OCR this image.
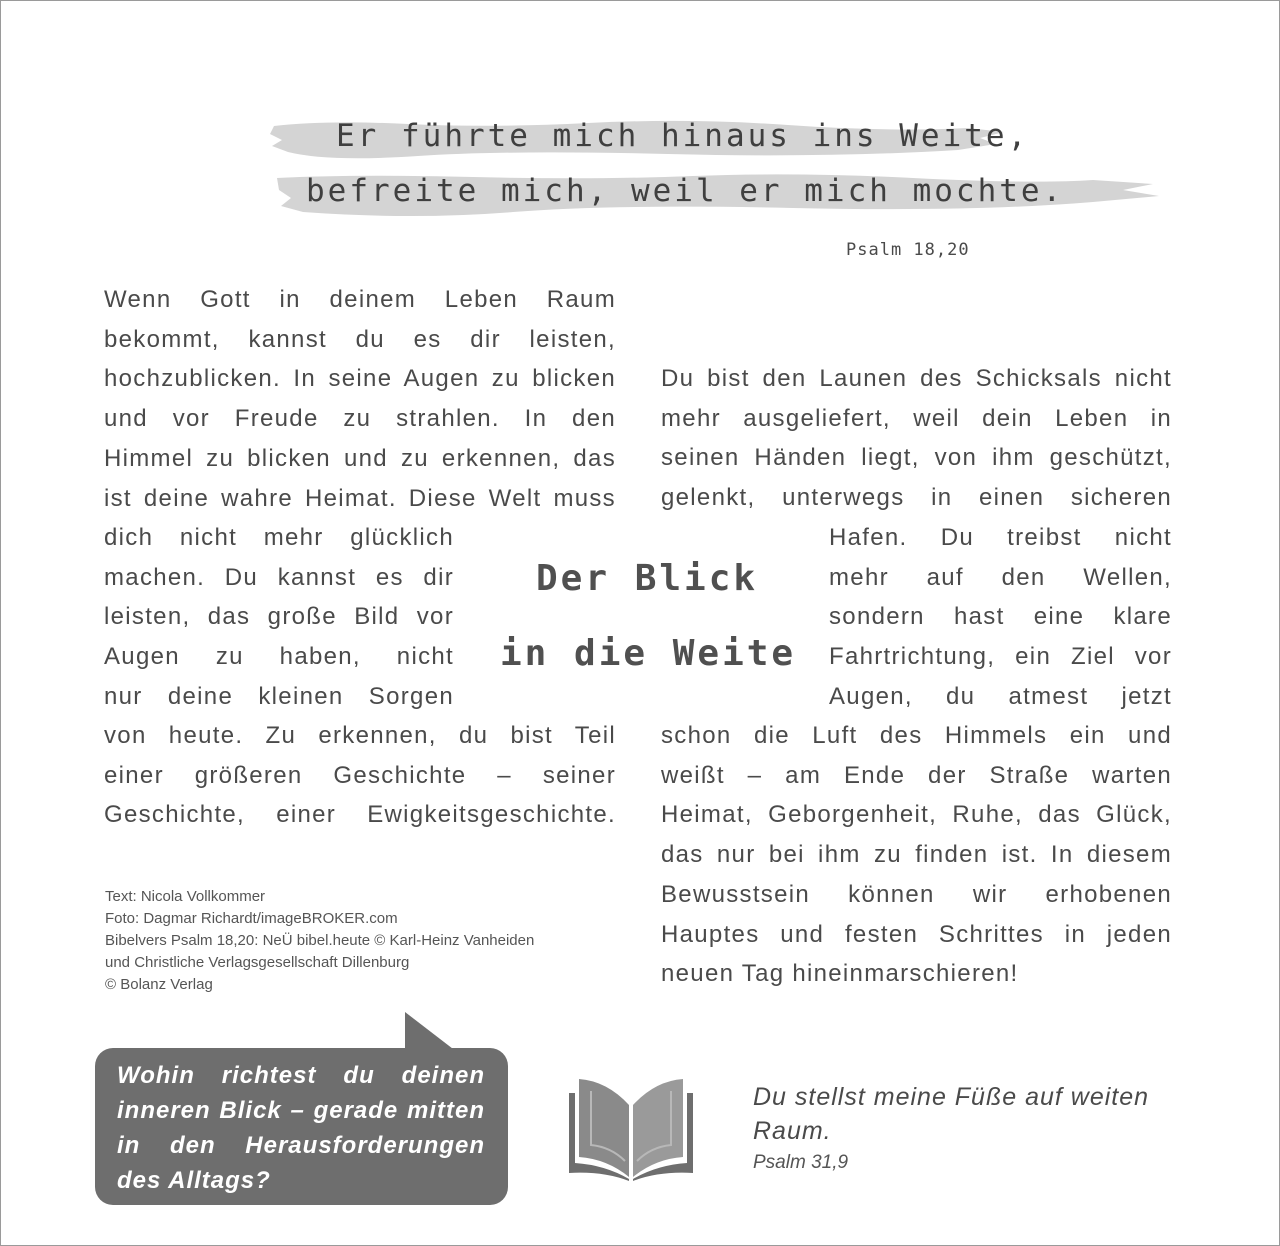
Er führte mich hinaus ins Weite,
befreite mich, weil er mich mochte.
Psalm 18,20
Wenn Gott in deinem Leben Raum
bekommt, kannst du es dir leisten,
hochzublicken. In seine Augen zu blicken
und vor Freude zu strahlen. In den
Himmel zu blicken und zu erkennen, das
ist deine wahre Heimat. Diese Welt muss
dich nicht mehr glücklich
machen. Du kannst es dir
leisten, das große Bild vor
Augen zu haben, nicht
nur deine kleinen Sorgen
von heute. Zu erkennen, du bist Teil
einer größeren Geschichte – seiner
Geschichte, einer Ewigkeitsgeschichte.
Der Blick
in die Weite
Du bist den Launen des Schicksals nicht
mehr ausgeliefert, weil dein Leben in
seinen Händen liegt, von ihm geschützt,
gelenkt, unterwegs in einen sicheren
Hafen. Du treibst nicht
mehr auf den Wellen,
sondern hast eine klare
Fahrtrichtung, ein Ziel vor
Augen, du atmest jetzt
schon die Luft des Himmels ein und
weißt – am Ende der Straße warten
Heimat, Geborgenheit, Ruhe, das Glück,
das nur bei ihm zu finden ist. In diesem
Bewusstsein können wir erhobenen
Hauptes und festen Schrittes in jeden
neuen Tag hineinmarschieren!
Text: Nicola Vollkommer
Foto: Dagmar Richardt/imageBROKER.com
Bibelvers Psalm 18,20: NeÜ bibel.heute © Karl-Heinz Vanheiden
und Christliche Verlagsgesellschaft Dillenburg
© Bolanz Verlag
Wohin richtest du deinen
inneren Blick – gerade mitten
in den Herausforderungen
des Alltags?
Du stellst meine Füße auf weiten
Raum.
Psalm 31,9
